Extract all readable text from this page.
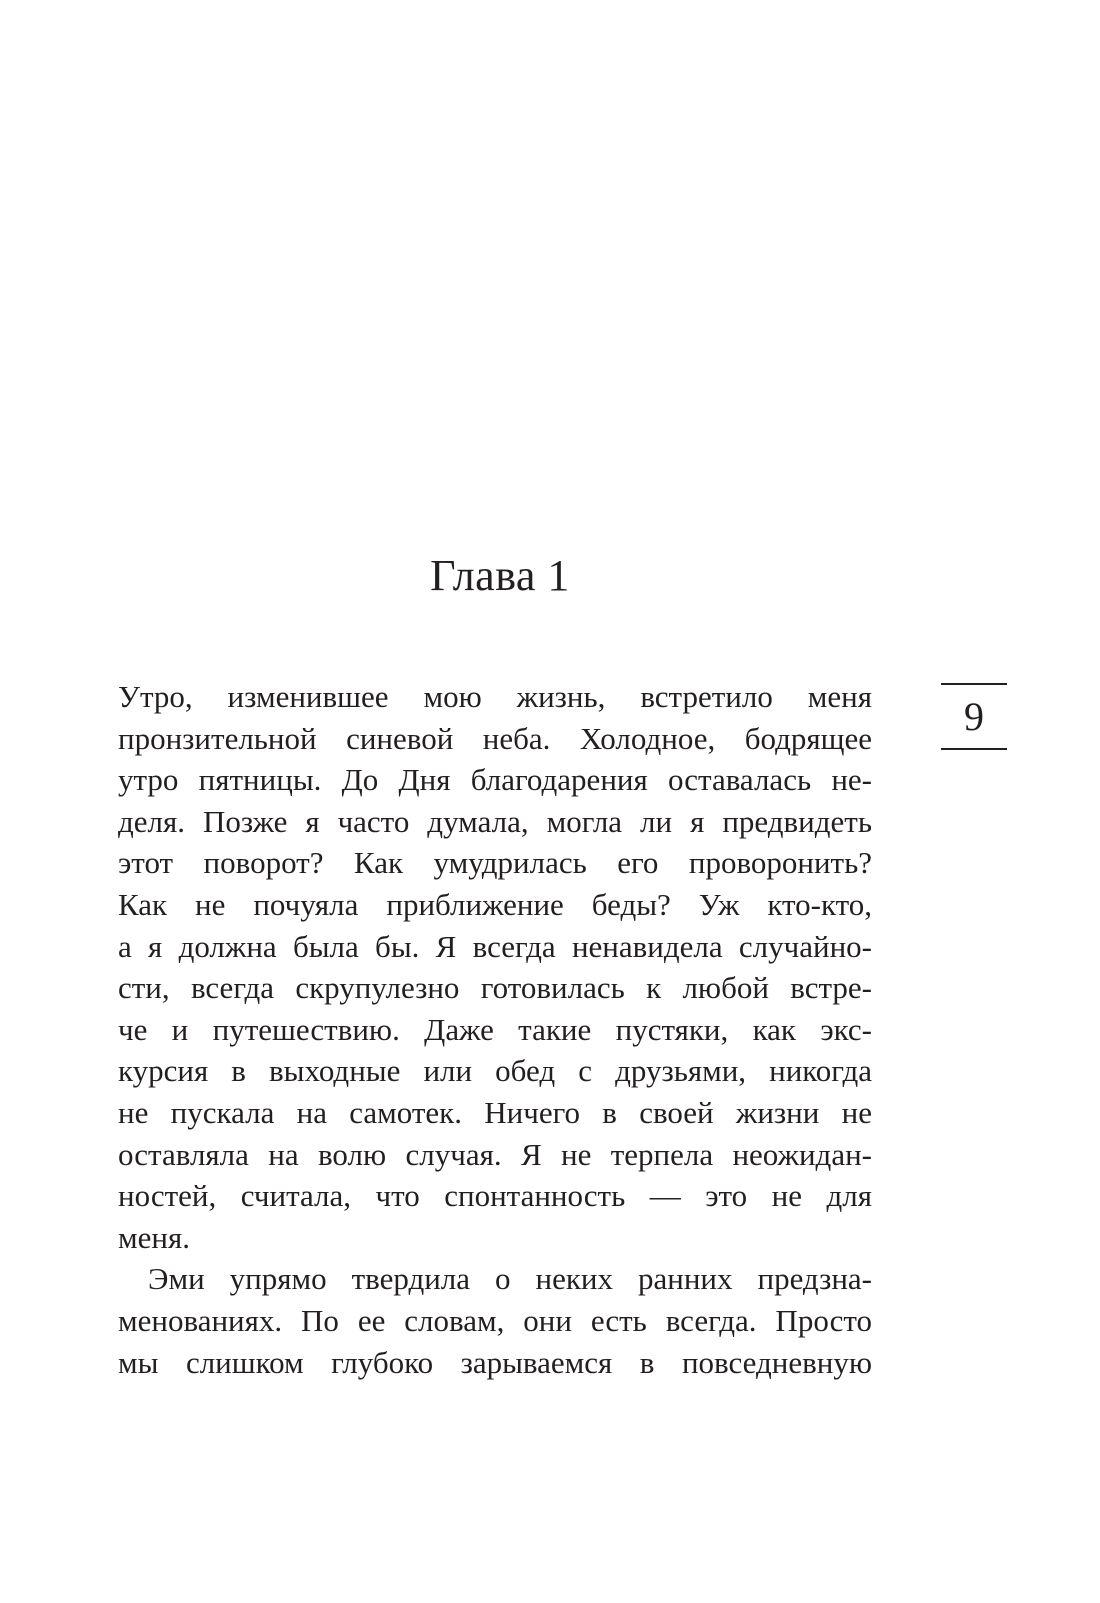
Глава 1
9
Утро, изменившее мою жизнь, встретило меня
пронзительной синевой неба. Холодное, бодрящее
утро пятницы. До Дня благодарения оставалась не-
деля. Позже я часто думала, могла ли я предвидеть
этот поворот? Как умудрилась его проворонить?
Как не почуяла приближение беды? Уж кто-кто,
а я должна была бы. Я всегда ненавидела случайно-
сти, всегда скрупулезно готовилась к любой встре-
че и путешествию. Даже такие пустяки, как экс-
курсия в выходные или обед с друзьями, никогда
не пускала на самотек. Ничего в своей жизни не
оставляла на волю случая. Я не терпела неожидан-
ностей, считала, что спонтанность — это не для
меня.
Эми упрямо твердила о неких ранних предзна-
менованиях. По ее словам, они есть всегда. Просто
мы слишком глубоко зарываемся в повседневную
